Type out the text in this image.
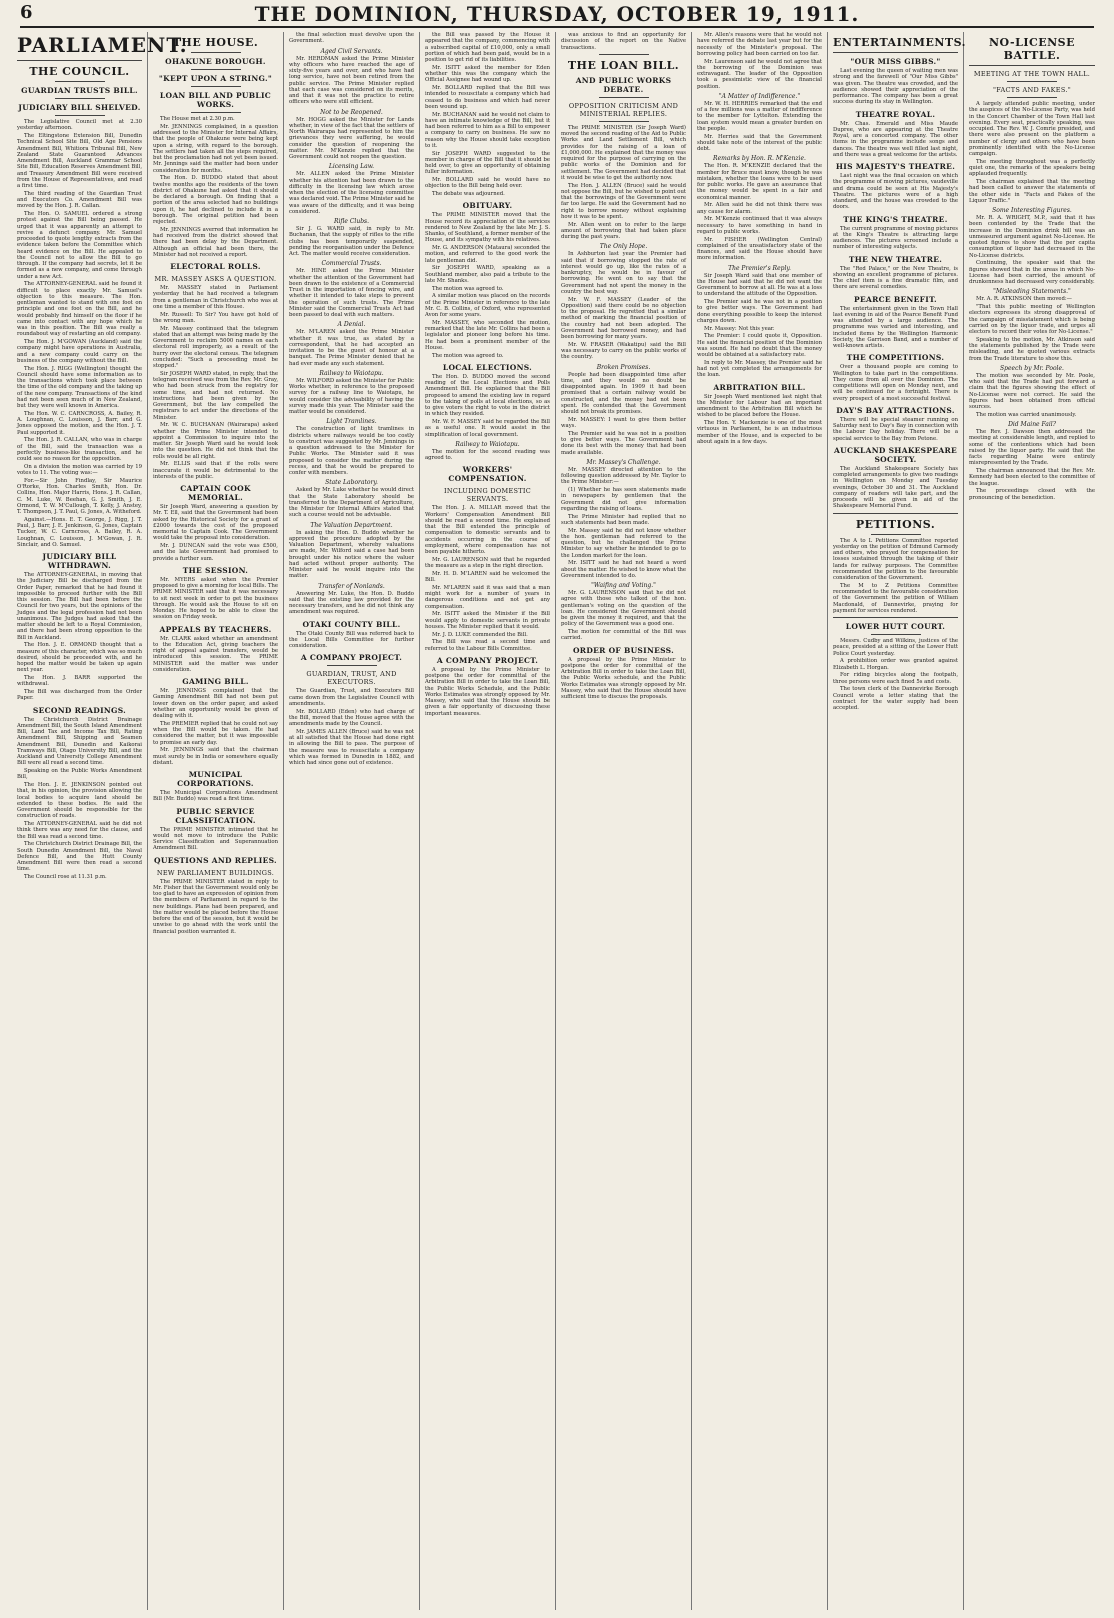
6	THE DOMINION, THURSDAY, OCTOBER 19, 1911.
PARLIAMENT.
THE COUNCIL.
GUARDIAN TRUSTS BILL.
JUDICIARY BILL SHELVED.

The Legislative Council met at 2.30 yesterday afternoon.

The Eltingstone Extension Bill, Dunedin Technical School Site Bill, Old Age Pensions Amendment Bill, Whitiora Tribunal Bill, New Zealand State Guaranteed Advances Amendment Bill, Auckland Grammar School Site Bill, Education Reserves Amendment Bill, and Treasury Amendment Bill were received from the House of Representatives, and read a first time.

The third reading of the Guardian Trust and Executors Co. Amendment Bill was moved by the Hon. J. R. Callan.

The Hon. O. SAMUEL ordered a strong protest against the Bill being passed. He urged that it was apparently an attempt to revive a defunct company. Mr. Samuel proceeded to quote lengthy extracts from the evidence taken before the Committee which heard evidence on the Bill. He appealed to the Council not to allow the Bill to go through. If the company had secrets, let it be formed as a new company, and come through under a new Act.

The ATTORNEY-GENERAL said he found it difficult to place exactly Mr. Samuel's objection to this measure. The Hon. gentleman wanted to stand with one foot on principle and one foot on the Bill, and he would probably find himself on the floor if he came into contact with any hope which he was in this position. The Bill was really a roundabout way of restarting an old company.

The Hon. J. M'GOWAN (Auckland) said the company might have operations in Australia, and a new company could carry on the business of the company without the Bill.

The Hon. J. RIGG (Wellington) thought the Council should have some information as to the transactions which took place between the time of the old company and the taking up of the new company. Transactions of the kind had not been seen much of in New Zealand, but they were well known in America.

The Hon. W. C. CARNCROSS, A. Bailey, R. A. Loughnan, C. Louisson, J. Barr, and G. Jones opposed the motion, and the Hon. J. T. Paul supported it.

The Hon. J. R. CALLAN, who was in charge of the Bill, said the transaction was a perfectly business-like transaction, and he could see no reason for the opposition.

On a division the motion was carried by 19 votes to 11. The voting was:—

For.—Sir John Findlay, Sir Maurice O'Rorke, Hon. Charles Smith, Hon. Dr. Collins, Hon. Major Harris, Hons. J. R. Callan, C. M. Luke, W. Beehan, G. J. Smith, J. E. Ormond, T. W. M'Cullough, T. Kelly, J. Anstey, T. Thompson, J. T. Paul, G. Jones, A. Witheford.

Against.—Hons. E. T. George, J. Rigg, J. T. Paul, J. Barr, J. E. Jenkinson, G. Jones, Captain Tucker, W. C. Carncross, A. Bailey, R. A. Loughnan, C. Louisson, J. M'Gowan, J. R. Sinclair, and O. Samuel.

JUDICIARY BILL WITHDRAWN.

The ATTORNEY-GENERAL, in moving that the Judiciary Bill be discharged from the Order Paper, remarked that he had found it impossible to proceed further with the Bill this session. The Bill had been before the Council for two years, but the opinions of the Judges and the legal profession had not been unanimous. The Judges had asked that the matter should be left to a Royal Commission, and there had been strong opposition to the Bill in Auckland.

The Hon. J. E. ORMOND thought that a measure of this character, which was so much desired, should be proceeded with, and he hoped the matter would be taken up again next year.

The Hon. J. BARR supported the withdrawal.

The Bill was discharged from the Order Paper.

SECOND READINGS.

The Christchurch District Drainage Amendment Bill, the South Island Amendment Bill, Land Tax and Income Tax Bill, Rating Amendment Bill, Shipping and Seamen Amendment Bill, Dunedin and Kaikorai Tramways Bill, Otago University Bill, and the Auckland and University College Amendment Bill were all read a second time.

Speaking on the Public Works Amendment Bill,

The Hon. J. E. JENKINSON pointed out that, in his opinion, the provision allowing the local bodies to acquire land should be extended to these bodies. He said the Government should be responsible for the construction of roads.

The ATTORNEY-GENERAL said he did not think there was any need for the clause, and the Bill was read a second time.

The Christchurch District Drainage Bill, the South Dunedin Amendment Bill, the Naval Defence Bill, and the Hutt County Amendment Bill were then read a second time.

The Council rose at 11.31 p.m.

THE HOUSE.
OHAKUNE BOROUGH.
"KEPT UPON A STRING."
LOAN BILL AND PUBLIC WORKS.

The House met at 2.30 p.m.

Mr. JENNINGS complained, in a question addressed to the Minister for Internal Affairs, that the people of Ohakune were being kept upon a string, with regard to the borough. The settlers had taken all the steps required, but the proclamation had not yet been issued. Mr. Jennings said the matter had been under consideration for months.

The Hon. D. BUDDO stated that about twelve months ago the residents of the town district of Ohakune had asked that it should be declared a borough. On finding that a portion of the area selected had no buildings upon it, he had declined to include it in a borough. The original petition had been rejected.

Mr. JENNINGS averred that information he had received from the district showed that there had been delay by the Department. Although an official had been there, the Minister had not received a report.

ELECTORAL ROLLS.
MR. MASSEY ASKS A QUESTION.

Mr. MASSEY stated in Parliament yesterday that he had received a telegram from a gentleman in Christchurch who was at one time a member of this House.

Mr. Russell: To Sir? You have got hold of the wrong man.

Mr. Massey continued that the telegram stated that an attempt was being made by the Government to reclaim 5000 names on each electoral roll improperly, as a result of the hurry over the electoral census. The telegram concluded: "Such a proceeding must be stopped."

Sir JOSEPH WARD stated, in reply, that the telegram received was from the Rev. Mr. Gray, who had been struck from the registry for some time, and had not returned. No instructions had been given by the Government, but the law compelled the registrars to act under the directions of the Minister.

Mr. W. C. BUCHANAN (Wairarapa) asked whether the Prime Minister intended to appoint a Commission to inquire into the matter. Sir Joseph Ward said he would look into the question. He did not think that the rolls would be all right.

Mr. ELLIS said that if the rolls were inaccurate it would be detrimental to the interests of the public.

CAPTAIN COOK MEMORIAL.

Sir Joseph Ward, answering a question by Mr. T. Ell, said that the Government had been asked by the Historical Society for a grant of £2000 towards the cost of the proposed memorial to Captain Cook. The Government would take the proposal into consideration.

Mr. J. DUNCAN said the vote was £500, and the late Government had promised to provide a further sum.

THE SESSION.

Mr. MYERS asked when the Premier proposed to give a morning for local Bills. The PRIME MINISTER said that it was necessary to sit next week in order to get the business through. He would ask the House to sit on Monday. He hoped to be able to close the session on Friday week.

APPEALS BY TEACHERS.

Mr. CLARK asked whether an amendment to the Education Act, giving teachers the right of appeal against transfers, would be introduced this session. The PRIME MINISTER said the matter was under consideration.

GAMING BILL.

Mr. JENNINGS complained that the Gaming Amendment Bill had not been put lower down on the order paper, and asked whether an opportunity would be given of dealing with it.

The PREMIER replied that he could not say when the Bill would be taken. He had considered the matter, but it was impossible to promise an early day.

Mr. JENNINGS said that the chairman must surely be in India or somewhere equally distant.

MUNICIPAL CORPORATIONS.

The Municipal Corporations Amendment Bill (Mr. Buddo) was read a first time.

PUBLIC SERVICE CLASSIFICATION.

The PRIME MINISTER intimated that he would not move to introduce the Public Service Classification and Superannuation Amendment Bill.

QUESTIONS AND REPLIES.
NEW PARLIAMENT BUILDINGS.

The PRIME MINISTER stated in reply to Mr. Fisher that the Government would only be too glad to have an expression of opinion from the members of Parliament in regard to the new buildings. Plans had been prepared, and the matter would be placed before the House before the end of the session, but it would be unwise to go ahead with the work until the financial position warranted it.

the final selection must devolve upon the Government.

Aged Civil Servants.

Mr. HERDMAN asked the Prime Minister why officers who have reached the age of sixty-five years and over, and who have had long service, have not been retired from the public service. The Prime Minister replied that each case was considered on its merits, and that it was not the practice to retire officers who were still efficient.

Not to be Reopened.

Mr. HOGG asked the Minister for Lands whether, in view of the fact that the settlers of North Wairarapa had represented to him the grievances they were suffering, he would consider the question of reopening the matter. Mr. M'Kenzie replied that the Government could not reopen the question.

Licensing Law.

Mr. ALLEN asked the Prime Minister whether his attention had been drawn to the difficulty in the licensing law which arose when the election of the licensing committee was declared void. The Prime Minister said he was aware of the difficulty, and it was being considered.

Rifle Clubs.

Sir J. G. WARD said, in reply to Mr. Buchanan, that the supply of rifles to the rifle clubs has been temporarily suspended, pending the reorganisation under the Defence Act. The matter would receive consideration.

Commercial Trusts.

Mr. HINE asked the Prime Minister whether the attention of the Government had been drawn to the existence of a Commercial Trust in the importation of fencing wire, and whether it intended to take steps to prevent the operation of such trusts. The Prime Minister said the Commercial Trusts Act had been passed to deal with such matters.

A Denial.

Mr. M'LAREN asked the Prime Minister whether it was true, as stated by a correspondent, that he had accepted an invitation to be the guest of honour at a banquet. The Prime Minister denied that he had ever made any such statement.

Railway to Waiotapu.

Mr. WILFORD asked the Minister for Public Works whether, in reference to the proposed survey for a railway line to Waiotapu, he would consider the advisability of having the survey made this year. The Minister said the matter would be considered.

Light Tramlines.

The construction of light tramlines in districts where railways would be too costly to construct was suggested by Mr. Jennings in a question addressed to the Minister for Public Works. The Minister said it was proposed to consider the matter during the recess, and that he would be prepared to confer with members.

State Laboratory.

Asked by Mr. Luke whether he would direct that the State Laboratory should be transferred to the Department of Agriculture, the Minister for Internal Affairs stated that such a course would not be advisable.

The Valuation Department.

In asking the Hon. D. Buddo whether he approved the procedure adopted by the Valuation Department, whereby valuations are made, Mr. Wilford said a case had been brought under his notice where the valuer had acted without proper authority. The Minister said he would inquire into the matter.

Transfer of Nonlands.

Answering Mr. Luke, the Hon. D. Buddo said that the existing law provided for the necessary transfers, and he did not think any amendment was required.

OTAKI COUNTY BILL.

The Otaki County Bill was referred back to the Local Bills Committee for further consideration.

A COMPANY PROJECT.
GUARDIAN, TRUST, AND EXECUTORS.

The Guardian, Trust, and Executors Bill came down from the Legislative Council with amendments.

Mr. BOLLARD (Eden) who had charge of the Bill, moved that the House agree with the amendments made by the Council.

Mr. JAMES ALLEN (Bruce) said he was not at all satisfied that the House had done right in allowing the Bill to pass. The purpose of the measure was to resuscitate a company which was formed in Dunedin in 1882, and which had since gone out of existence.

the Bill was passed by the House it appeared that the company, commencing with a subscribed capital of £10,000, only a small portion of which had been paid, would be in a position to get rid of its liabilities.

Mr. ISITT asked the member for Eden whether this was the company which the Official Assignee had wound up.

Mr. BOLLARD replied that the Bill was intended to resuscitate a company which had ceased to do business and which had never been wound up.

Mr. BUCHANAN said he would not claim to have an intimate knowledge of the Bill, but it had been referred to him as a Bill to empower a company to carry on business. He saw no reason why the House should take exception to it.

Sir JOSEPH WARD suggested to the member in charge of the Bill that it should be held over, to give an opportunity of obtaining fuller information.

Mr. BOLLARD said he would have no objection to the Bill being held over.

The debate was adjourned.

OBITUARY.

The PRIME MINISTER moved that the House record its appreciation of the services rendered to New Zealand by the late Mr. J. S. Shanks, of Southland, a former member of the House, and its sympathy with his relatives.

Mr. G. ANDERSON (Mataura) seconded the motion, and referred to the good work the late gentleman did.

Sir JOSEPH WARD, speaking as a Southland member, also paid a tribute to the late Mr. Shanks.

The motion was agreed to.

A similar motion was placed on the records of the Prime Minister in reference to the late Mr. C. B. Collins, of Oxford, who represented Avon for some years.

Mr. MASSEY, who seconded the motion, remarked that the late Mr. Collins had been a legislator and pioneer long before his time. He had been a prominent member of the House.

The motion was agreed to.

LOCAL ELECTIONS.

The Hon. D. BUDDO moved the second reading of the Local Elections and Polls Amendment Bill. He explained that the Bill proposed to amend the existing law in regard to the taking of polls at local elections, so as to give voters the right to vote in the district in which they resided.

Mr. W. F. MASSEY said he regarded the Bill as a useful one. It would assist in the simplification of local government.

Railway to Waiotapu.

The motion for the second reading was agreed to.

WORKERS' COMPENSATION.
INCLUDING DOMESTIC SERVANTS.

The Hon. J. A. MILLAR moved that the Workers' Compensation Amendment Bill should be read a second time. He explained that the Bill extended the principle of compensation to domestic servants and to accidents occurring in the course of employment, where compensation has not been payable hitherto.

Mr. G. LAURENSON said that he regarded the measure as a step in the right direction.

Mr. H. D. M'LAREN said he welcomed the Bill.

Mr. M'LAREN said it was said that a man might work for a number of years in dangerous conditions and not get any compensation.

Mr. ISITT asked the Minister if the Bill would apply to domestic servants in private houses. The Minister replied that it would.

Mr. J. D. LUKE commended the Bill.

The Bill was read a second time and referred to the Labour Bills Committee.

A COMPANY PROJECT.

A proposal by the Prime Minister to postpone the order for committal of the Arbitration Bill in order to take the Loan Bill, the Public Works Schedule, and the Public Works Estimates was strongly opposed by Mr. Massey, who said that the House should be given a fair opportunity of discussing these important measures.

was anxious to find an opportunity for discussion of the report on the Native transactions.

THE LOAN BILL.
AND PUBLIC WORKS DEBATE.
OPPOSITION CRITICISM AND MINISTERIAL REPLIES.

The PRIME MINISTER (Sir Joseph Ward) moved the second reading of the Aid to Public Works and Land Settlement Bill, which provides for the raising of a loan of £1,000,000. He explained that the money was required for the purpose of carrying on the public works of the Dominion and for settlement. The Government had decided that it would be wise to get the authority now.

The Hon. J. ALLEN (Bruce) said he would not oppose the Bill, but he wished to point out that the borrowings of the Government were far too large. He said the Government had no right to borrow money without explaining how it was to be spent.

Mr. Allen went on to refer to the large amount of borrowing that had taken place during the past years.

The Only Hope.

In Ashburton last year the Premier had said that if borrowing stopped the rate of interest would go up, like the rates of a bankruptcy, he would be in favour of borrowing. He went on to say that the Government had not spent the money in the country the best way.

Mr. W. F. MASSEY (Leader of the Opposition) said there could be no objection to the proposal. He regretted that a similar method of marking the financial position of the country had not been adopted. The Government had borrowed money, and had been borrowing for many years.

Mr. W. FRASER (Wakatipu) said the Bill was necessary to carry on the public works of the country.

Broken Promises.

People had been disappointed time after time, and they would no doubt be disappointed again. In 1909 it had been promised that a certain railway would be constructed, and the money had not been spent. He contended that the Government should not break its promises.

Mr. MASSEY: I want to give them better ways.

The Premier said he was not in a position to give better ways. The Government had done its best with the money that had been made available.

Mr. Massey's Challenge.

Mr. MASSEY directed attention to the following question addressed by Mr. Taylor to the Prime Minister:—

(1) Whether he has seen statements made in newspapers by gentlemen that the Government did not give information regarding the raising of loans.

The Prime Minister had replied that no such statements had been made.

Mr. Massey said he did not know whether the hon. gentleman had referred to the question, but he challenged the Prime Minister to say whether he intended to go to the London market for the loan.

Mr. ISITT said he had not heard a word about the matter. He wished to know what the Government intended to do.

"Waifing and Voting."

Mr. G. LAURENSON said that he did not agree with those who talked of the hon. gentleman's voting on the question of the loan. He considered the Government should be given the money it required, and that the policy of the Government was a good one.

The motion for committal of the Bill was carried.

ORDER OF BUSINESS.

A proposal by the Prime Minister to postpone the order for committal of the Arbitration Bill in order to take the Loan Bill, the Public Works schedule, and the Public Works Estimates was strongly opposed by Mr. Massey, who said that the House should have sufficient time to discuss the proposals.

Mr. Allen's reasons were that he would not have referred the debate last year but for the necessity of the Minister's proposal. The borrowing policy had been carried on too far.

Mr. Laurenson said he would not agree that the borrowing of the Dominion was extravagant. The leader of the Opposition took a pessimistic view of the financial position.

"A Matter of Indifference."

Mr. W. H. HERRIES remarked that the end of a few millions was a matter of indifference to the member for Lyttelton. Extending the loan system would mean a greater burden on the people.

Mr. Herries said that the Government should take note of the interest of the public debt.

Remarks by Hon. R. M'Kenzie.

The Hon. R. M'KENZIE declared that the member for Bruce must know, though he was mistaken, whether the loans were to be used for public works. He gave an assurance that the money would be spent in a fair and economical manner.

Mr. Allen said he did not think there was any cause for alarm.

Mr. M'Kenzie continued that it was always necessary to have something in hand in regard to public works.

Mr. FISHER (Wellington Central) complained of the unsatisfactory state of the finances, and said the House should have more information.

The Premier's Reply.

Sir Joseph Ward said that one member of the House had said that he did not want the Government to borrow at all. He was at a loss to understand the attitude of the Opposition.

The Premier said he was not in a position to give better ways. The Government had done everything possible to keep the interest charges down.

Mr. Massey: Not this year.

The Premier: I could quote it, Opposition. He said the financial position of the Dominion was sound. He had no doubt that the money would be obtained at a satisfactory rate.

In reply to Mr. Massey, the Premier said he had not yet completed the arrangements for the loan.

ARBITRATION BILL.

Sir Joseph Ward mentioned last night that the Minister for Labour had an important amendment to the Arbitration Bill which he wished to be placed before the House.

The Hon. Y. Mackenzie is one of the most virtuous in Parliament, he is an industrious member of the House, and is expected to be about again in a few days.

ENTERTAINMENTS.
"OUR MISS GIBBS."

Last evening the queen of waiting men was strong and the farewell of "Our Miss Gibbs" was given. The theatre was crowded, and the audience showed their appreciation of the performance. The company has been a great success during its stay in Wellington.

THEATRE ROYAL.

Mr. Chas. Emerald and Miss Maude Dupree, who are appearing at the Theatre Royal, are a concerted company. The other items in the programme include songs and dances. The theatre was well filled last night, and there was a great welcome for the artists.

HIS MAJESTY'S THEATRE.

Last night was the final occasion on which the programme of moving pictures, vaudeville and drama could be seen at His Majesty's Theatre. The pictures were of a high standard, and the house was crowded to the doors.

THE KING'S THEATRE.

The current programme of moving pictures at the King's Theatre is attracting large audiences. The pictures screened include a number of interesting subjects.

THE NEW THEATRE.

The "Red Palace," or the New Theatre, is showing an excellent programme of pictures. The chief item is a fine dramatic film, and there are several comedies.

PEARCE BENEFIT.

The entertainment given in the Town Hall last evening in aid of the Pearce Benefit Fund was attended by a large audience. The programme was varied and interesting, and included items by the Wellington Harmonic Society, the Garrison Band, and a number of well-known artists.

THE COMPETITIONS.

Over a thousand people are coming to Wellington to take part in the competitions. They come from all over the Dominion. The competitions will open on Monday next, and will be continued for a fortnight. There is every prospect of a most successful festival.

DAY'S BAY ATTRACTIONS.

There will be special steamer running on Saturday next to Day's Bay in connection with the Labour Day holiday. There will be a special service to the Bay from Petone.

AUCKLAND SHAKESPEARE SOCIETY.

The Auckland Shakespeare Society has completed arrangements to give two readings in Wellington on Monday and Tuesday evenings, October 30 and 31. The Auckland company of readers will take part, and the proceeds will be given in aid of the Shakespeare Memorial Fund.

PETITIONS.

The A to L Petitions Committee reported yesterday on the petition of Edmund Carmody and others, who prayed for compensation for losses sustained through the taking of their lands for railway purposes. The Committee recommended the petition to the favourable consideration of the Government.

The M to Z Petitions Committee recommended to the favourable consideration of the Government the petition of William Macdonald, of Dannevirke, praying for payment for services rendered.

LOWER HUTT COURT.

Messrs. Cudby and Wilkins, justices of the peace, presided at a sitting of the Lower Hutt Police Court yesterday.

A prohibition order was granted against Elizabeth L. Horgan.

For riding bicycles along the footpath, three persons were each fined 5s and costs.

The town clerk of the Dannevirke Borough Council wrote a letter stating that the contract for the water supply had been accepted.

NO-LICENSE BATTLE.
MEETING AT THE TOWN HALL.
"FACTS AND FAKES."

A largely attended public meeting, under the auspices of the No-License Party, was held in the Concert Chamber of the Town Hall last evening. Every seat, practically speaking, was occupied. The Rev. W. J. Comrie presided, and there were also present on the platform a number of clergy and others who have been prominently identified with the No-License campaign.

The meeting throughout was a perfectly quiet one, the remarks of the speakers being applauded frequently.

The chairman explained that the meeting had been called to answer the statements of the other side in "Facts and Fakes of the Liquor Traffic."

Some Interesting Figures.

Mr. R. A. WRIGHT, M.P., said that it has been contended by the Trade that the increase in the Dominion drink bill was an unmeasured argument against No-License. He quoted figures to show that the per capita consumption of liquor had decreased in the No-License districts.

Continuing, the speaker said that the figures showed that in the areas in which No-License had been carried, the amount of drunkenness had decreased very considerably.

"Misleading Statements."

Mr. A. R. ATKINSON then moved:—

"That this public meeting of Wellington electors expresses its strong disapproval of the campaign of misstatement which is being carried on by the liquor trade, and urges all electors to record their votes for No-License."

Speaking to the motion, Mr. Atkinson said the statements published by the Trade were misleading, and he quoted various extracts from the Trade literature to show this.

Speech by Mr. Poole.

The motion was seconded by Mr. Poole, who said that the Trade had put forward a claim that the figures showing the effect of No-License were not correct. He said the figures had been obtained from official sources.

The motion was carried unanimously.

Did Maine Fail?

The Rev. J. Dawson then addressed the meeting at considerable length, and replied to some of the contentions which had been raised by the liquor party. He said that the facts regarding Maine were entirely misrepresented by the Trade.

The chairman announced that the Rev. Mr. Kennedy had been elected to the committee of the league.

The proceedings closed with the pronouncing of the benediction.
